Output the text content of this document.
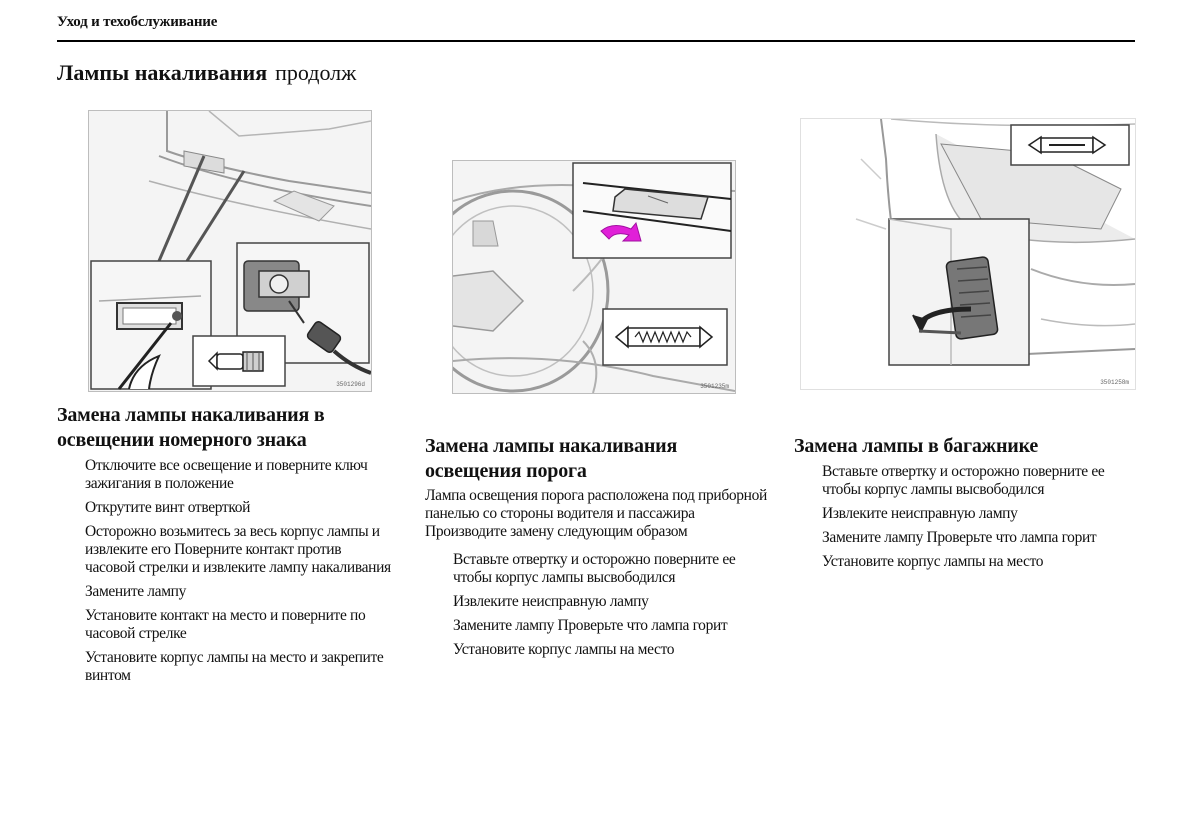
Уход и техобслуживание
Лампы накаливания продолж
3501296d	3501235m
3501258m
Замена лампы накаливания в освещении номерного знака
Отключите все освещение и поверните ключ зажигания в положение
Открутите винт отверткой
Осторожно возьмитесь за весь корпус лампы и извлеките его Поверните контакт против часовой стрелки и извлеките лампу накаливания
Замените лампу
Установите контакт на место и поверните по часовой стрелке
Установите корпус лампы на место и закрепите винтом
Замена лампы накаливания освещения порога

Лампа освещения порога расположена под приборной панелью со стороны водителя и пассажира Производите замену следующим образом

Вставьте отвертку и осторожно поверните ее чтобы корпус лампы высвободился
Извлеките неисправную лампу
Замените лампу Проверьте что лампа горит
Установите корпус лампы на место
Замена лампы в багажнике
Вставьте отвертку и осторожно поверните ее чтобы корпус лампы высвободился
Извлеките неисправную лампу
Замените лампу Проверьте что лампа горит
Установите корпус лампы на место
